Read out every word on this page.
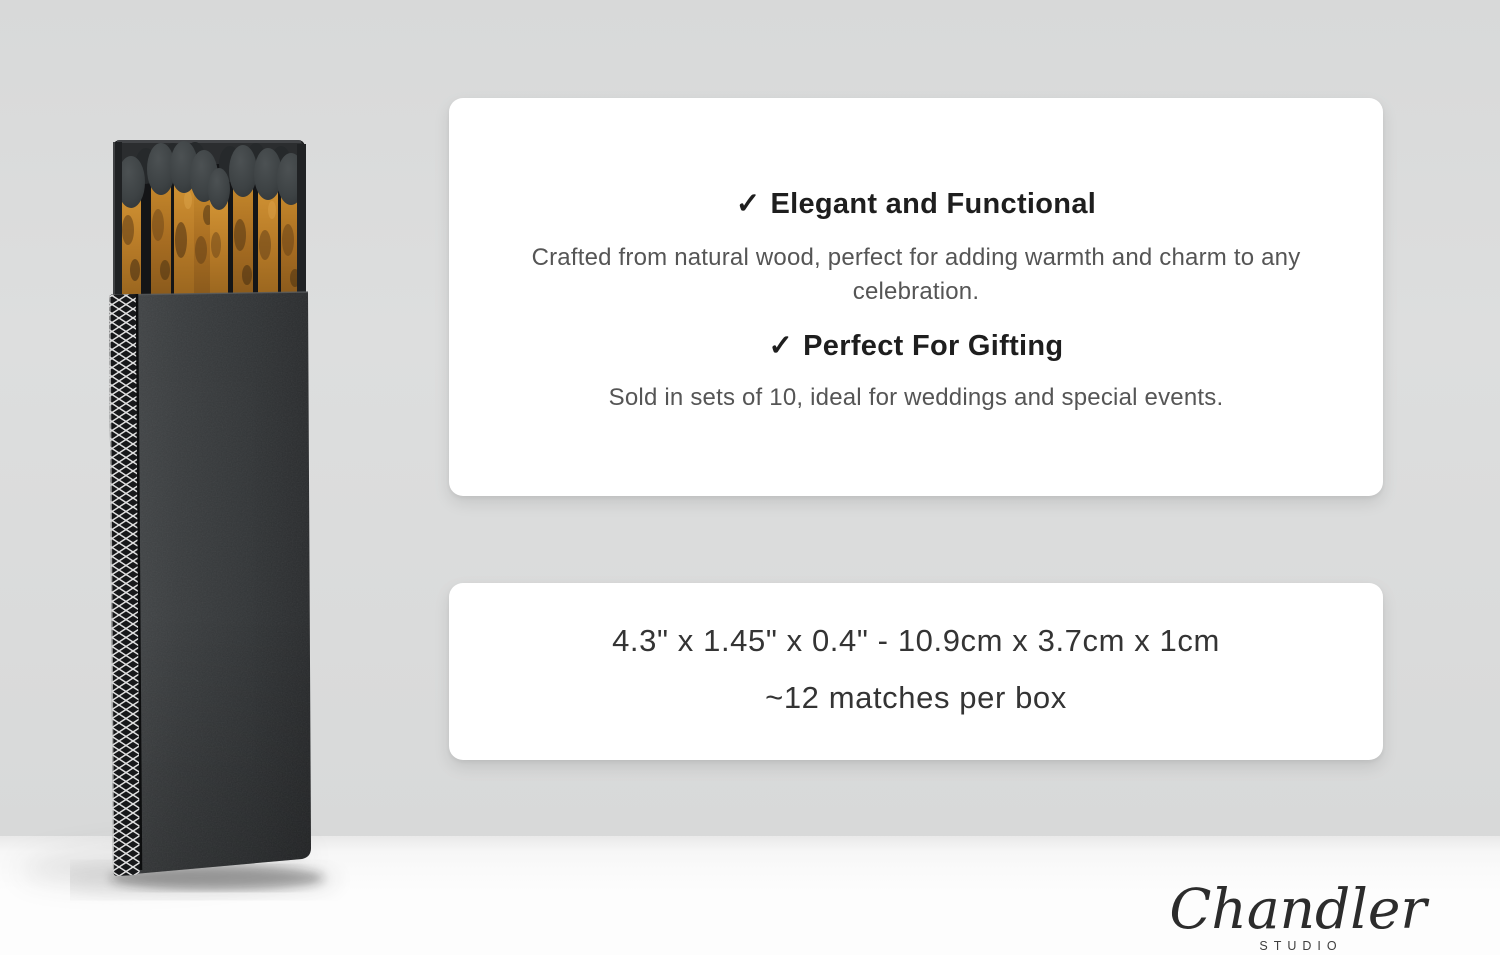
✓ Elegant and Functional

Crafted from natural wood, perfect for adding warmth and charm to any celebration.

✓ Perfect For Gifting

Sold in sets of 10, ideal for weddings and special events.

4.3" x 1.45" x 0.4" - 10.9cm x 3.7cm x 1cm

~12 matches per box

Chandler
STUDIO
